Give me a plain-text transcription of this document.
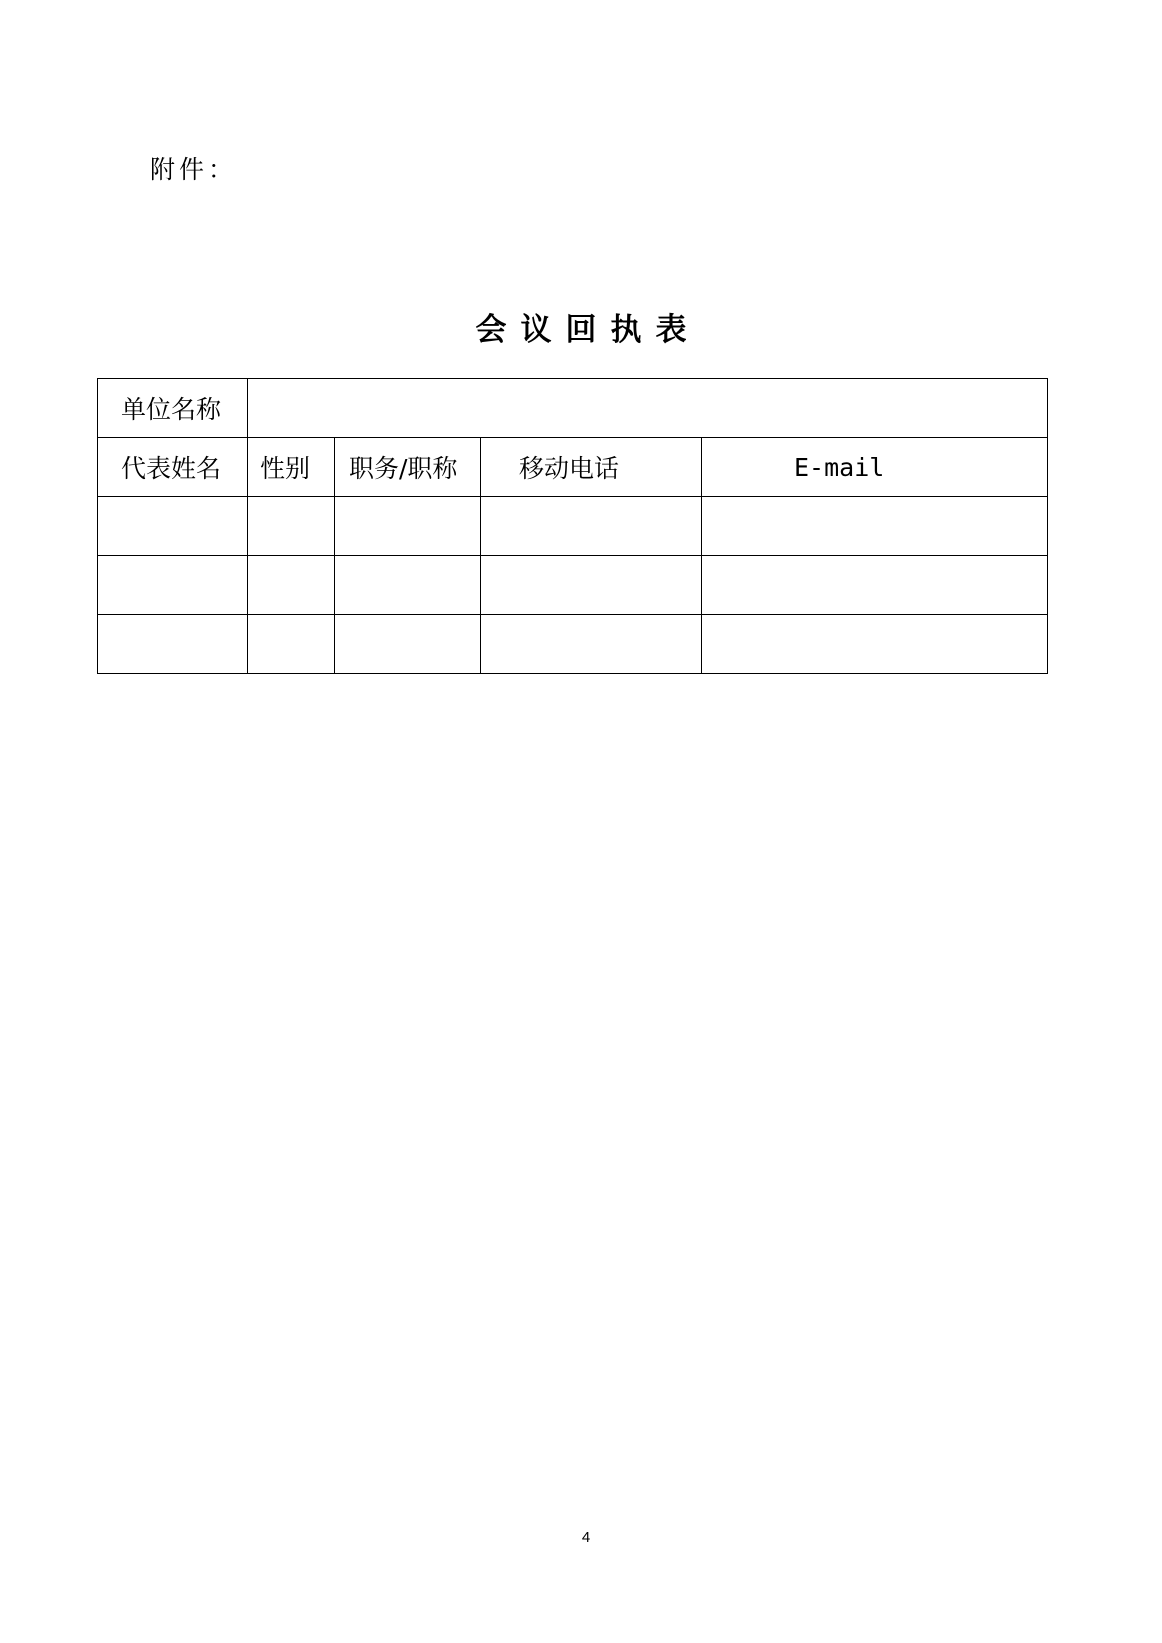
附件：
会议回执表
单位名称				
代表姓名	性别	职务/职称	移动电话	E-mail

4
